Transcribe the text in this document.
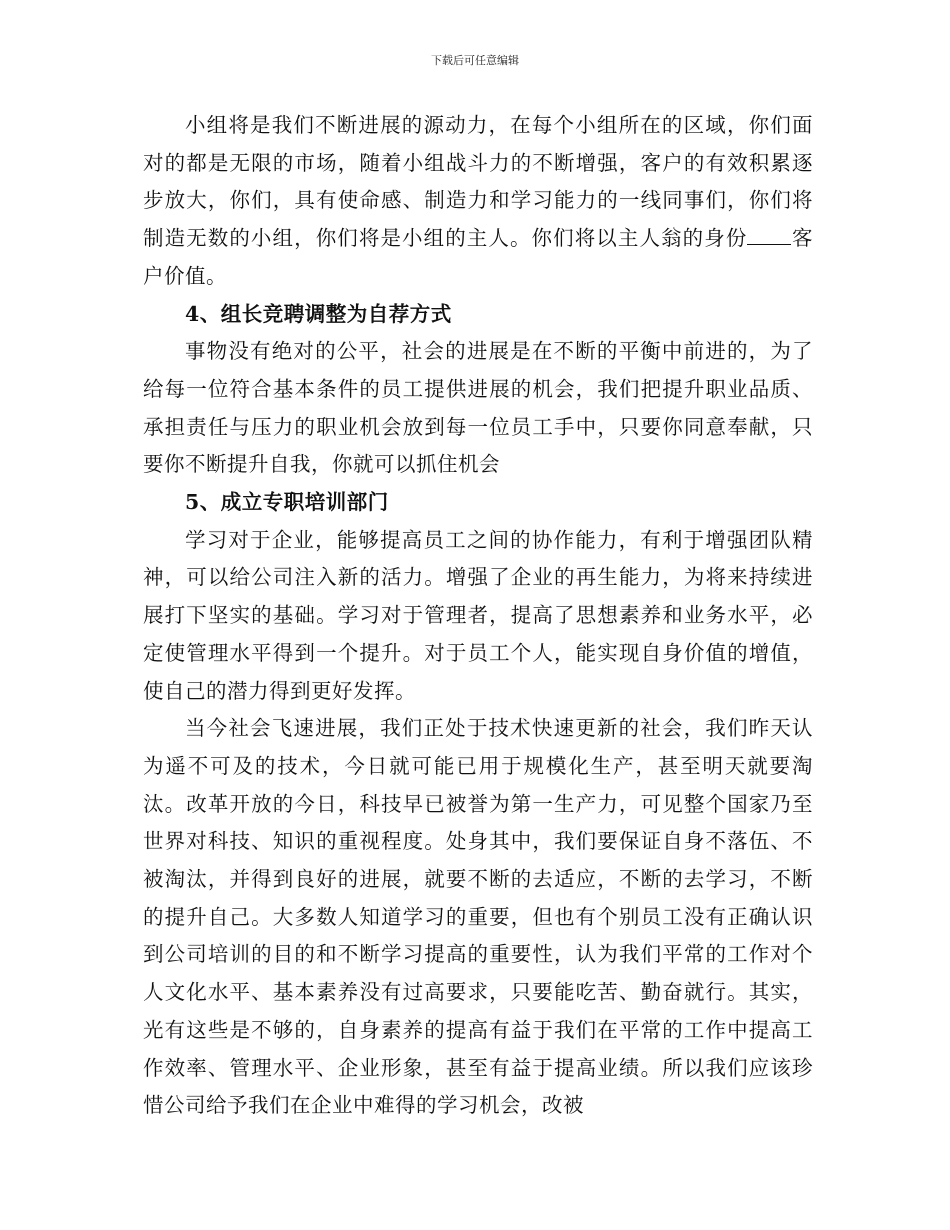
下载后可任意编辑

小组将是我们不断进展的源动力，在每个小组所在的区域，你们面对的都是无限的市场，随着小组战斗力的不断增强，客户的有效积累逐步放大，你们，具有使命感、制造力和学习能力的一线同事们，你们将制造无数的小组，你们将是小组的主人。你们将以主人翁的身份 客户价值。

4、组长竞聘调整为自荐方式

事物没有绝对的公平，社会的进展是在不断的平衡中前进的，为了给每一位符合基本条件的员工提供进展的机会，我们把提升职业品质、承担责任与压力的职业机会放到每一位员工手中，只要你同意奉献，只要你不断提升自我，你就可以抓住机会

5、成立专职培训部门

学习对于企业，能够提高员工之间的协作能力，有利于增强团队精神，可以给公司注入新的活力。增强了企业的再生能力，为将来持续进展打下坚实的基础。学习对于管理者，提高了思想素养和业务水平，必定使管理水平得到一个提升。对于员工个人，能实现自身价值的增值，使自己的潜力得到更好发挥。

当今社会飞速进展，我们正处于技术快速更新的社会，我们昨天认为遥不可及的技术，今日就可能已用于规模化生产，甚至明天就要淘汰。改革开放的今日，科技早已被誉为第一生产力，可见整个国家乃至世界对科技、知识的重视程度。处身其中，我们要保证自身不落伍、不被淘汰，并得到良好的进展，就要不断的去适应，不断的去学习，不断的提升自己。大多数人知道学习的重要，但也有个别员工没有正确认识到公司培训的目的和不断学习提高的重要性，认为我们平常的工作对个人文化水平、基本素养没有过高要求，只要能吃苦、勤奋就行。其实，光有这些是不够的，自身素养的提高有益于我们在平常的工作中提高工作效率、管理水平、企业形象，甚至有益于提高业绩。所以我们应该珍惜公司给予我们在企业中难得的学习机会，改被
